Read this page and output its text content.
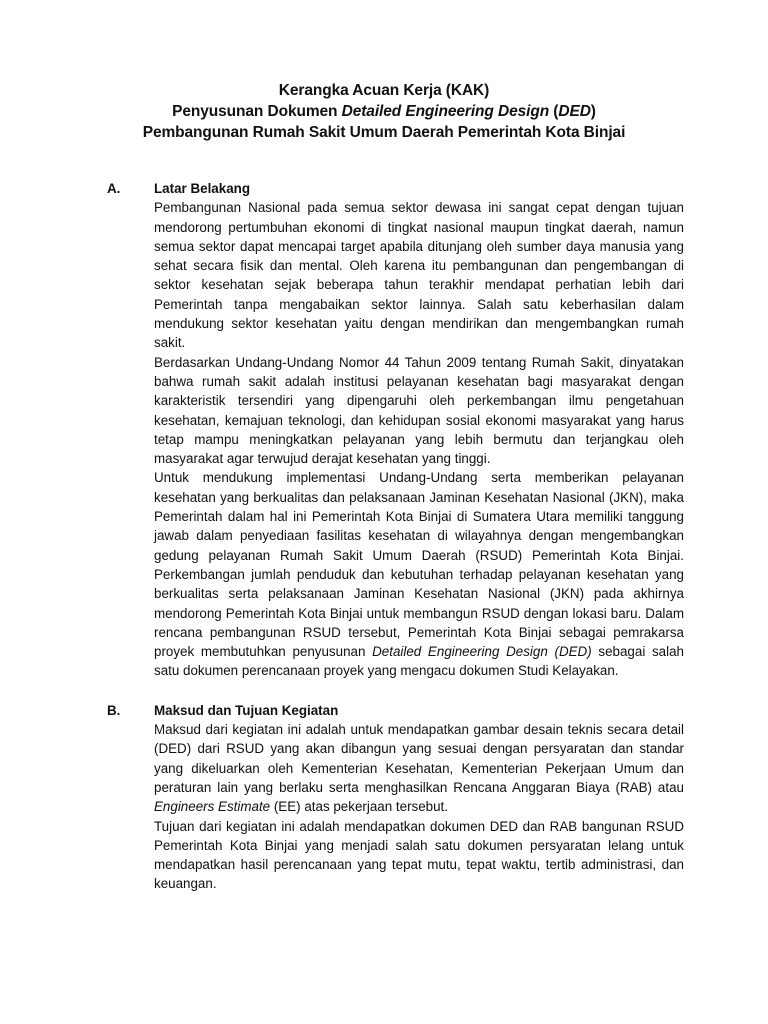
Kerangka Acuan Kerja (KAK)
Penyusunan Dokumen Detailed Engineering Design (DED)
Pembangunan Rumah Sakit Umum Daerah Pemerintah Kota Binjai
A.	Latar Belakang

Pembangunan Nasional pada semua sektor dewasa ini sangat cepat dengan tujuan mendorong pertumbuhan ekonomi di tingkat nasional maupun tingkat daerah, namun semua sektor dapat mencapai target apabila ditunjang oleh sumber daya manusia yang sehat secara fisik dan mental. Oleh karena itu pembangunan dan pengembangan di sektor kesehatan sejak beberapa tahun terakhir mendapat perhatian lebih dari Pemerintah tanpa mengabaikan sektor lainnya. Salah satu keberhasilan dalam mendukung sektor kesehatan yaitu dengan mendirikan dan mengembangkan rumah sakit.

Berdasarkan Undang-Undang Nomor 44 Tahun 2009 tentang Rumah Sakit, dinyatakan bahwa rumah sakit adalah institusi pelayanan kesehatan bagi masyarakat dengan karakteristik tersendiri yang dipengaruhi oleh perkembangan ilmu pengetahuan kesehatan, kemajuan teknologi, dan kehidupan sosial ekonomi masyarakat yang harus tetap mampu meningkatkan pelayanan yang lebih bermutu dan terjangkau oleh masyarakat agar terwujud derajat kesehatan yang tinggi.

Untuk mendukung implementasi Undang-Undang serta memberikan pelayanan kesehatan yang berkualitas dan pelaksanaan Jaminan Kesehatan Nasional (JKN), maka Pemerintah dalam hal ini Pemerintah Kota Binjai di Sumatera Utara memiliki tanggung jawab dalam penyediaan fasilitas kesehatan di wilayahnya dengan mengembangkan gedung pelayanan Rumah Sakit Umum Daerah (RSUD) Pemerintah Kota Binjai. Perkembangan jumlah penduduk dan kebutuhan terhadap pelayanan kesehatan yang berkualitas serta pelaksanaan Jaminan Kesehatan Nasional (JKN) pada akhirnya mendorong Pemerintah Kota Binjai untuk membangun RSUD dengan lokasi baru. Dalam rencana pembangunan RSUD tersebut, Pemerintah Kota Binjai sebagai pemrakarsa proyek membutuhkan penyusunan Detailed Engineering Design (DED) sebagai salah satu dokumen perencanaan proyek yang mengacu dokumen Studi Kelayakan.

B.	Maksud dan Tujuan Kegiatan

Maksud dari kegiatan ini adalah untuk mendapatkan gambar desain teknis secara detail (DED) dari RSUD yang akan dibangun yang sesuai dengan persyaratan dan standar yang dikeluarkan oleh Kementerian Kesehatan, Kementerian Pekerjaan Umum dan peraturan lain yang berlaku serta menghasilkan Rencana Anggaran Biaya (RAB) atau Engineers Estimate (EE) atas pekerjaan tersebut.

Tujuan dari kegiatan ini adalah mendapatkan dokumen DED dan RAB bangunan RSUD Pemerintah Kota Binjai yang menjadi salah satu dokumen persyaratan lelang untuk mendapatkan hasil perencanaan yang tepat mutu, tepat waktu, tertib administrasi, dan keuangan.
